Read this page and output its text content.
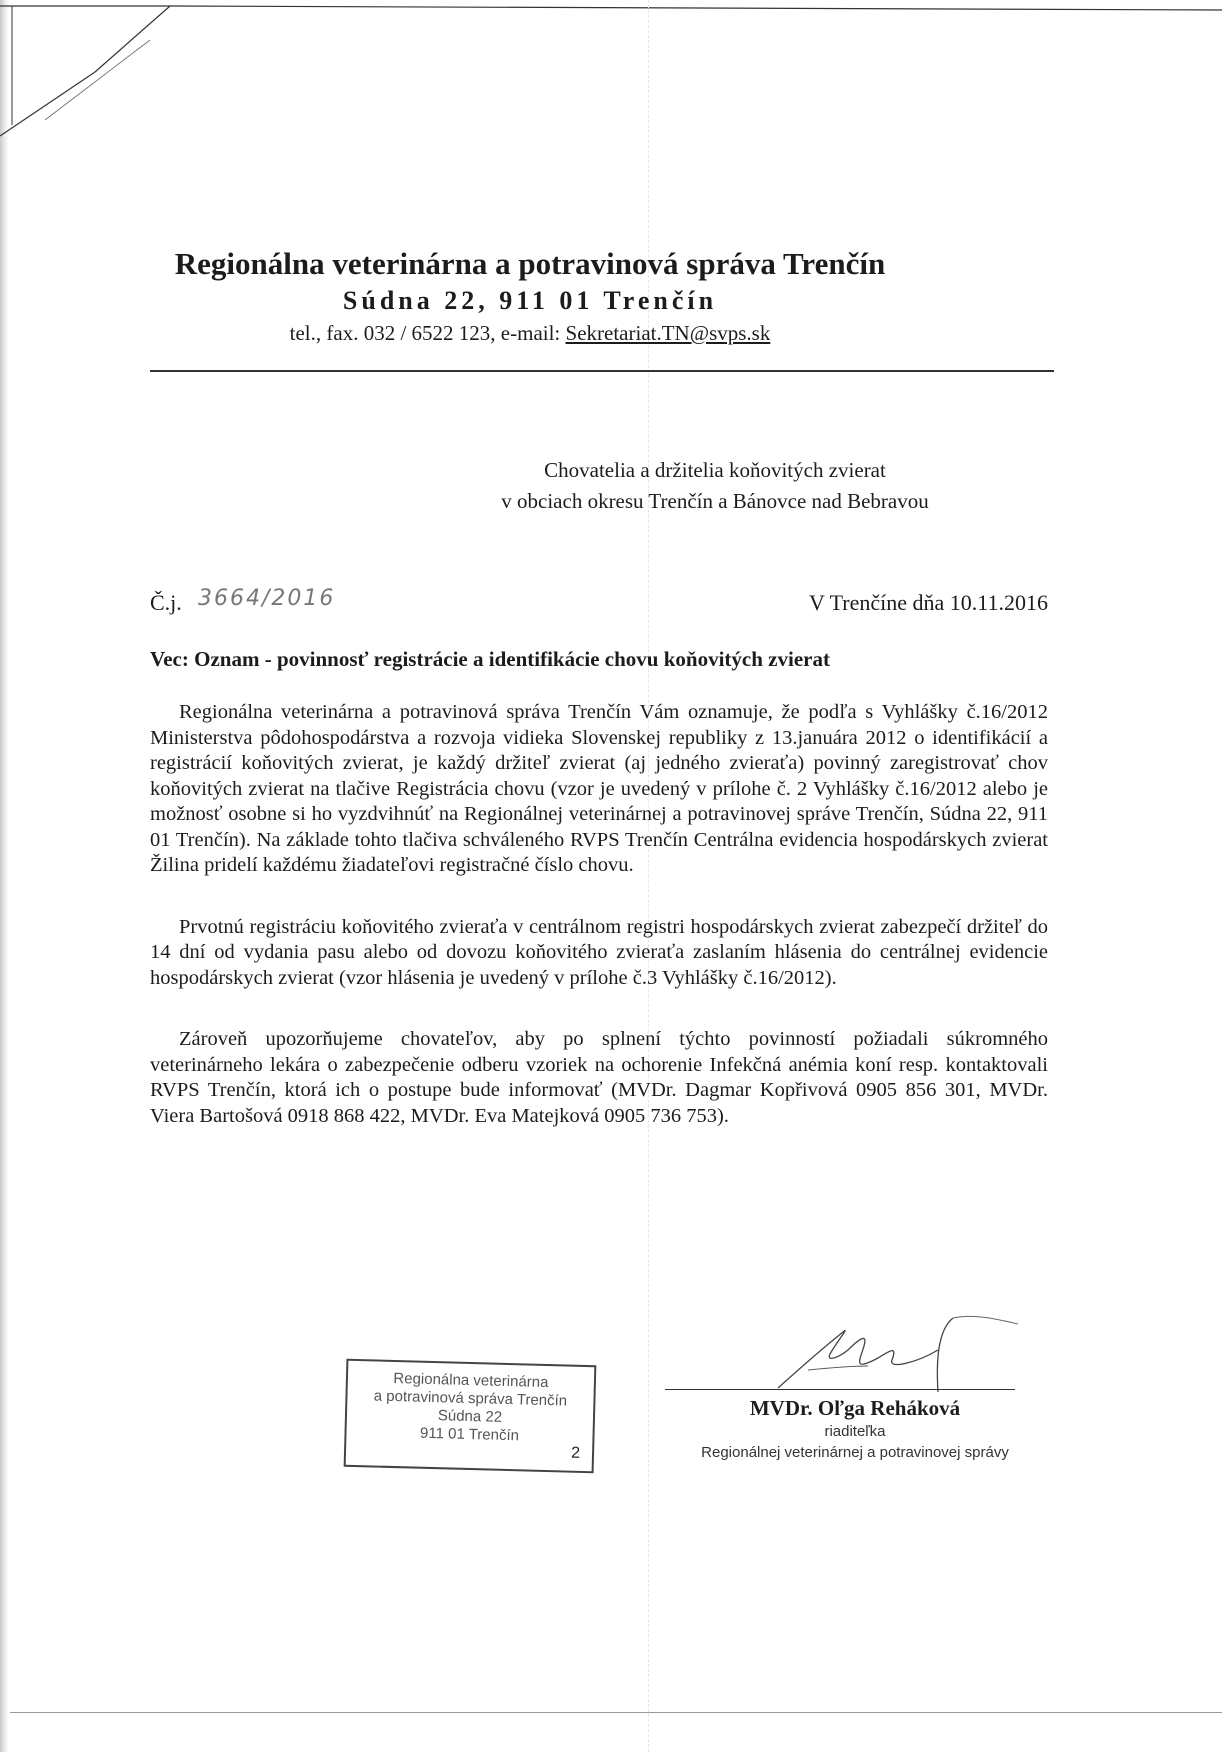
Regionálna veterinárna a potravinová správa Trenčín
Súdna 22, 911 01 Trenčín
tel., fax. 032 / 6522 123, e-mail: Sekretariat.TN@svps.sk
Chovatelia a držitelia koňovitých zvierat
v obciach okresu Trenčín a Bánovce nad Bebravou
Č.j. 3664/2016	V Trenčíne dňa 10.11.2016
Vec: Oznam - povinnosť registrácie a identifikácie chovu koňovitých zvierat

Regionálna veterinárna a potravinová správa Trenčín Vám oznamuje, že podľa s Vyhlášky č.16/2012 Ministerstva pôdohospodárstva a rozvoja vidieka Slovenskej republiky z 13.januára 2012 o identifikácií a registrácií koňovitých zvierat, je každý držiteľ zvierat (aj jedného zvieraťa) povinný zaregistrovať chov koňovitých zvierat na tlačive Registrácia chovu (vzor je uvedený v prílohe č. 2 Vyhlášky č.16/2012 alebo je možnosť osobne si ho vyzdvihnúť na Regionálnej veterinárnej a potravinovej správe Trenčín, Súdna 22, 911 01 Trenčín). Na základe tohto tlačiva schváleného RVPS Trenčín Centrálna evidencia hospodárskych zvierat Žilina pridelí každému žiadateľovi registračné číslo chovu.

Prvotnú registráciu koňovitého zvieraťa v centrálnom registri hospodárskych zvierat zabezpečí držiteľ do 14 dní od vydania pasu alebo od dovozu koňovitého zvieraťa zaslaním hlásenia do centrálnej evidencie hospodárskych zvierat (vzor hlásenia je uvedený v prílohe č.3 Vyhlášky č.16/2012).

Zároveň upozorňujeme chovateľov, aby po splnení týchto povinností požiadali súkromného veterinárneho lekára o zabezpečenie odberu vzoriek na ochorenie Infekčná anémia koní resp. kontaktovali RVPS Trenčín, ktorá ich o postupe bude informovať (MVDr. Dagmar Kopřivová 0905 856 301, MVDr. Viera Bartošová 0918 868 422, MVDr. Eva Matejková 0905 736 753).

Regionálna veterinárna
a potravinová správa Trenčín
Súdna 22
911 01 Trenčín
2
MVDr. Oľga Reháková
riaditeľka
Regionálnej veterinárnej a potravinovej správy
